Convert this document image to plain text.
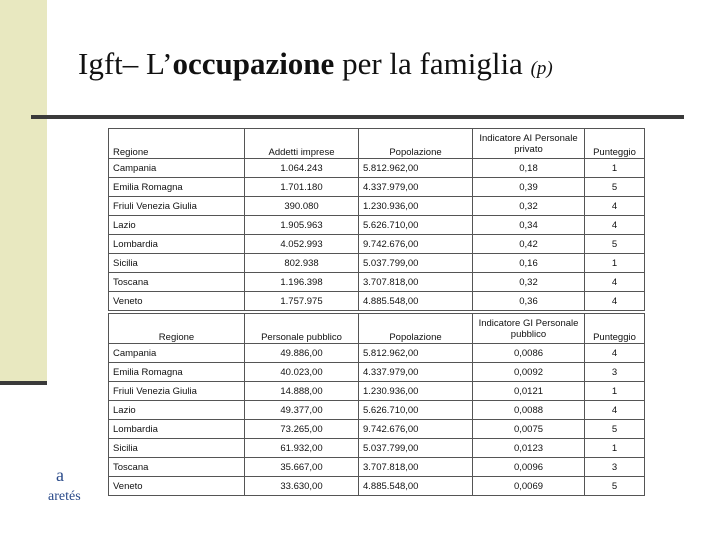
Igft– L’occupazione per la famiglia (p)
Regione	Addetti imprese	Popolazione	Indicatore AI Personale privato	Punteggio
Campania	1.064.243	5.812.962,00	0,18	1
Emilia Romagna	1.701.180	4.337.979,00	0,39	5
Friuli Venezia Giulia	390.080	1.230.936,00	0,32	4
Lazio	1.905.963	5.626.710,00	0,34	4
Lombardia	4.052.993	9.742.676,00	0,42	5
Sicilia	802.938	5.037.799,00	0,16	1
Toscana	1.196.398	3.707.818,00	0,32	4
Veneto	1.757.975	4.885.548,00	0,36	4
Regione	Personale pubblico	Popolazione	Indicatore GI Personale pubblico	Punteggio
Campania	49.886,00	5.812.962,00	0,0086	4
Emilia Romagna	40.023,00	4.337.979,00	0,0092	3
Friuli Venezia Giulia	14.888,00	1.230.936,00	0,0121	1
Lazio	49.377,00	5.626.710,00	0,0088	4
Lombardia	73.265,00	9.742.676,00	0,0075	5
Sicilia	61.932,00	5.037.799,00	0,0123	1
Toscana	35.667,00	3.707.818,00	0,0096	3
Veneto	33.630,00	4.885.548,00	0,0069	5
a
aretés
